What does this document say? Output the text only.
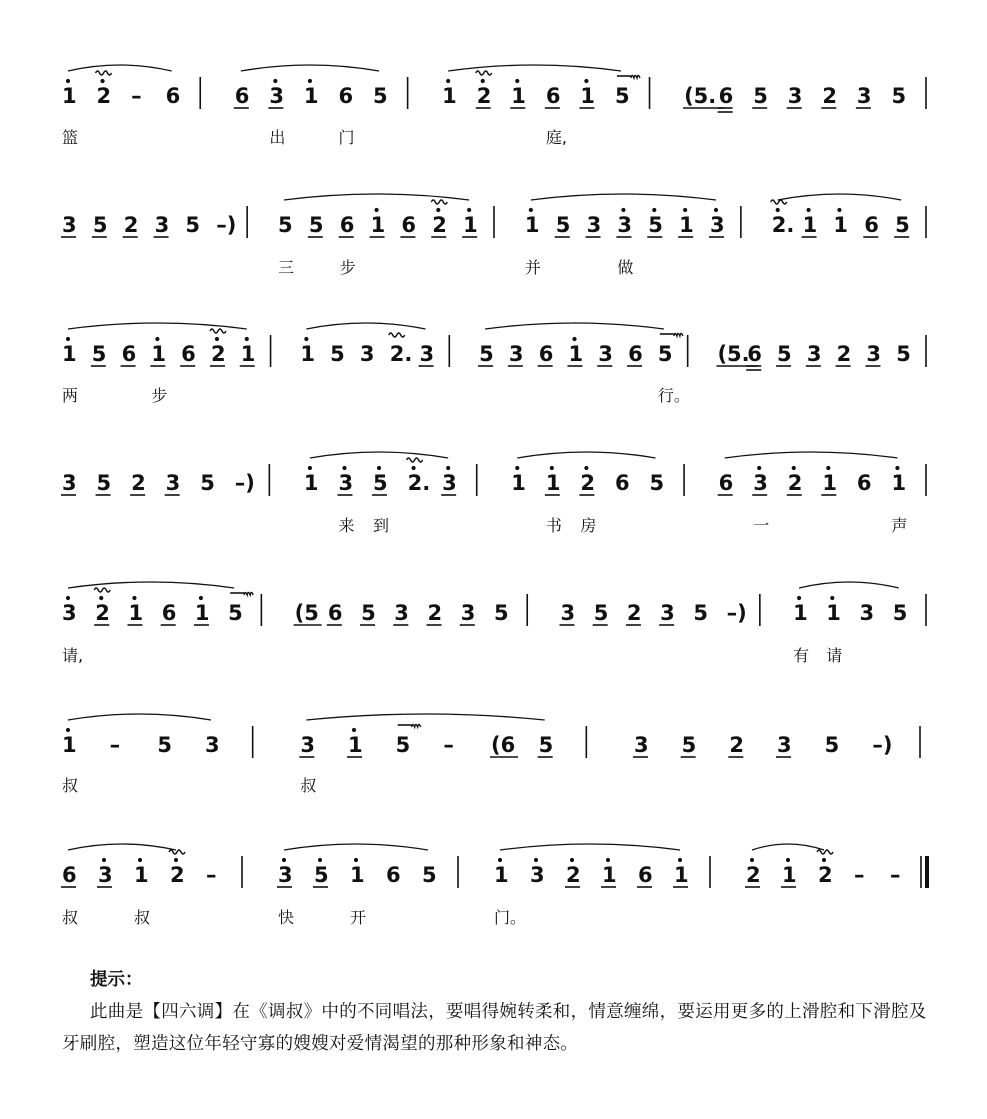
1 2 – 6	6 3 1 6 5	1 2 1 6 1 5	(5. 6 5 3 2 3 5
篮	出	门	庭,
3 5 2 3 5 –) 5 5 6 1 6 2 1 1 5 3 3 5 1 3 2. 1 1 6 5
三	步	并	做
1 5 6 1 6 2 1 1 5 3 2. 3 5 3 6 1 3 6 5 (5.
6 5 3 2 3 5
两	步	行。
3 5 2 3 5 –) 1 3 5 2. 3	1 1 2 6 5	6 3 2 1 6 1
来 到	书 房	一	声
3 2 1 6 1 5 (5 6 5 3 2 3 5 3 5 2 3 5 –) 1 1 3 5
请,	有 请
1 – 5 3	3 1 5 – (6 5	3 5 2 3 5 –)
叔	叔
6 3 1 2 –	3 5 1 6 5	1 3 2 1 6 1	2 1 2 – –
叔	叔	快	开	门。
提示：
此曲是【四六调】在《调叔》中的不同唱法，要唱得婉转柔和，情意缠绵，要运用更多的上滑腔和下滑腔及牙刷腔，塑造这位年轻守寡的嫂嫂对爱情渴望的那种形象和神态。
